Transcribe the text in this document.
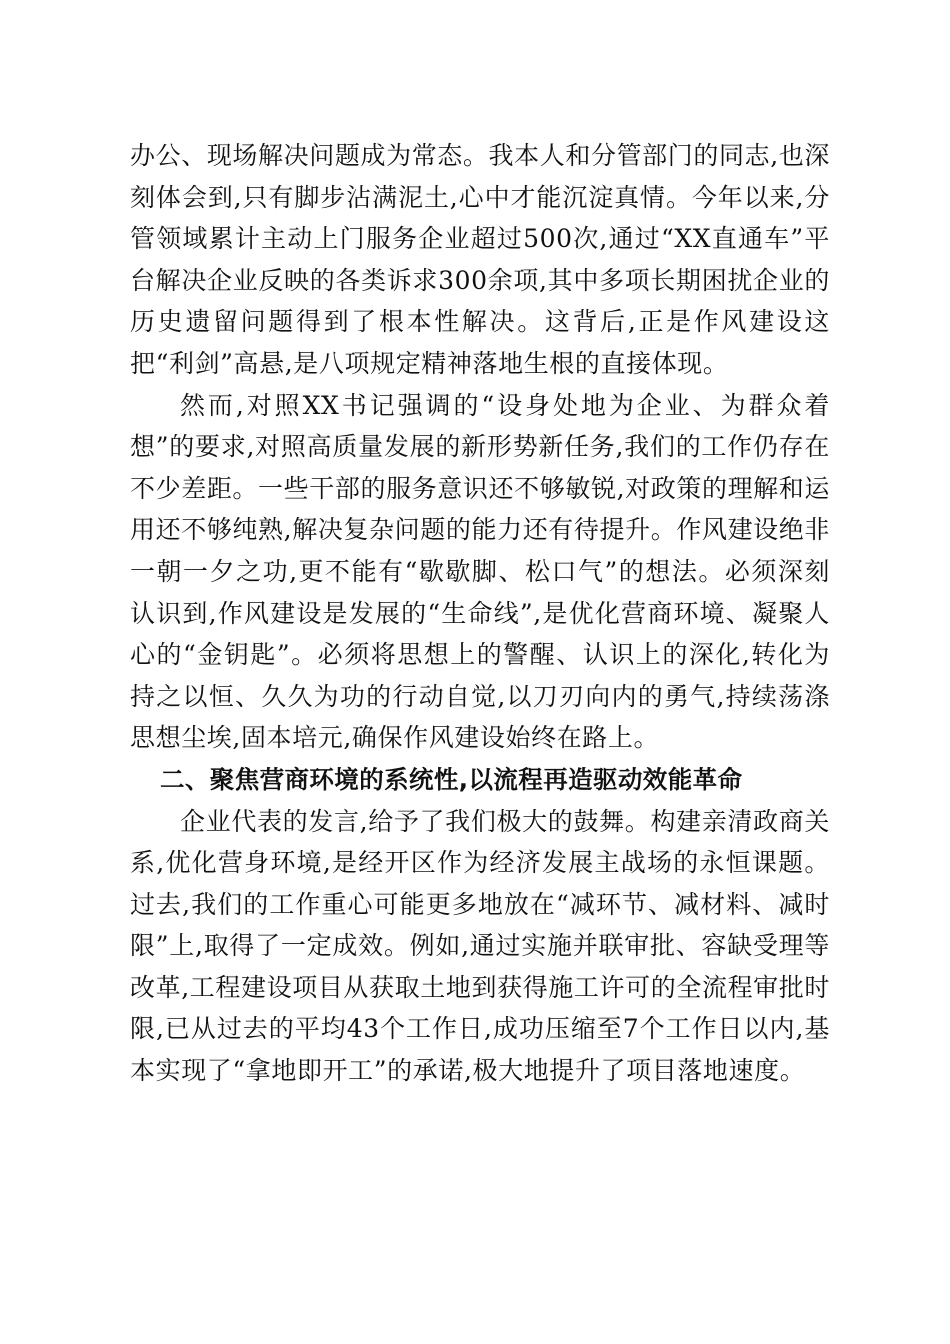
办公、现场解决问题成为常态。我本人和分管部门的同志,也深刻体会到,只有脚步沾满泥土,心中才能沉淀真情。今年以来,分管领域累计主动上门服务企业超过500次,通过“XX直通车”平台解决企业反映的各类诉求300余项,其中多项长期困扰企业的历史遗留问题得到了根本性解决。这背后,正是作风建设这把“利剑”高悬,是八项规定精神落地生根的直接体现。

然而,对照XX书记强调的“设身处地为企业、为群众着想”的要求,对照高质量发展的新形势新任务,我们的工作仍存在不少差距。一些干部的服务意识还不够敏锐,对政策的理解和运用还不够纯熟,解决复杂问题的能力还有待提升。作风建设绝非一朝一夕之功,更不能有“歇歇脚、松口气”的想法。必须深刻认识到,作风建设是发展的“生命线”,是优化营商环境、凝聚人心的“金钥匙”。必须将思想上的警醒、认识上的深化,转化为持之以恒、久久为功的行动自觉,以刀刃向内的勇气,持续荡涤思想尘埃,固本培元,确保作风建设始终在路上。

二、聚焦营商环境的系统性,以流程再造驱动效能革命

企业代表的发言,给予了我们极大的鼓舞。构建亲清政商关系,优化营身环境,是经开区作为经济发展主战场的永恒课题。过去,我们的工作重心可能更多地放在“减环节、减材料、减时限”上,取得了一定成效。例如,通过实施并联审批、容缺受理等改革,工程建设项目从获取土地到获得施工许可的全流程审批时限,已从过去的平均43个工作日,成功压缩至7个工作日以内,基本实现了“拿地即开工”的承诺,极大地提升了项目落地速度。
